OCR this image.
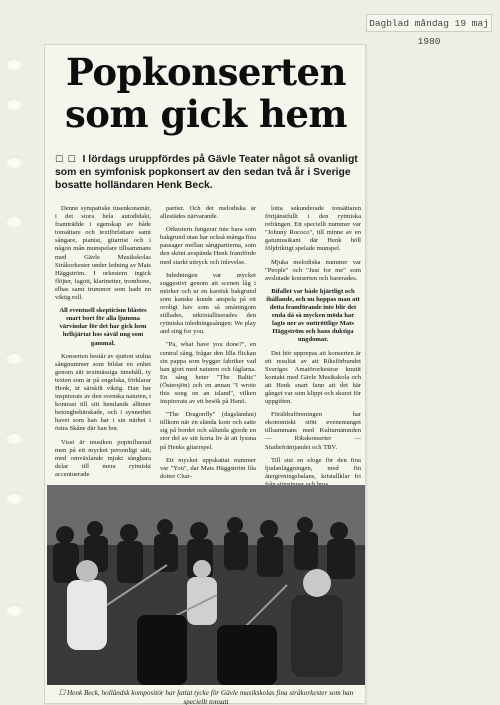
Dagblad måndag 19 maj 1980
Popkonserten
som gick hem
☐ ☐ I lördags uruppfördes på Gävle Teater något så ovanligt som en symfonisk popkonsert av den sedan två år i Sverige bosatte holländaren Henk Beck.

Denne sympatiske tusenkonstnär, i det stora hela autodidakt, framträdde i egenskap av både tonsättare och textförfattare samt sångare, pianist, gitarrist och i någon mån munspelare tillsammans med Gävle Musikskolas Stråkorkester under ledning av Mats Häggström. I orkestern ingick flöjter, fagott, klarinetter, trombone, elbas samt trummor som hade en viktig roll.

All eventuell skepticism blåstes snart bort för alla ljumma värvindar för det har gick hem helhjärtat hos såväl ung som gammal.

Konserten består av sjutton stulna sångnummer som bildar en enhet genom sitt textmässiga innehåll, ty texten som är på engelska, förklarar Henk, är särskilt viktig. Han har inspirerats av den svenska naturen, i kontrast till sitt hemlands alltmer betongbehärskade, och i synnerhet havet som han har i sin närhet i östra Skåne där han bor.

Visst är musiken popinfluerad men på ett mycket personligt sätt, med omväxlande mjukt sångbara delar till mera rytmiskt accentuerade

partier. Och det melodiska är allestädes närvarande.

Orkestern fungerar inte bara som bakgrund utan har också många fina passager mellan sångpartierna, som den skönt avspända Henk framförde med starkt uttryck och inlevelse.

Inledningen var mycket suggestivt genom att scenen låg i mörker och ur en kaotisk bakgrund som kanske kunde anspela på ett oroligt hav som så småningom stillades, utkristalliserades den rytmiska inledningssången: We play and sing for you.

"Pa, what have you done?", en central sång, frågar den lilla flickan sin pappa som bygger fabriker vad han gjort med naturen och fåglarna. En sång heter "The Baltic" (Östersjön) och en annan "I wrote this song on an island", vilken inspirerats av ett besök på Hanö.

"The Dragonfly" (dagsländan) tillkom när en slända kom och satte sig på bordet och sålunda gjorde en stor del av sitt korta liv åt att lyssna på Henks gitarrspel.

Ett mycket uppskattat nummer var "You", dar Mats Häggström lila dotter Char-

lotta sekunderade tonsättaren förtjänstfullt i den rytmiska refrängen. Ett speciellt nummer var "Johnny Rococo", till minne av en gatumusikant där Henk höll följdriktigt spelade munspel.

Mjuka melodiska nummer var "People" och "Just for me" som avslutade konserten och baserades.

Bifallet var både hjärtligt och ihållande, och nu hoppas man att detta framförande inte blir det enda då så mycken möda har lagts ner av outtröttlige Mats Häggström och hans duktiga ungdomar.

Det hör upprepas att konserten är ett resultat av att Riksförbundet Sveriges Amatörorkestrar knutit kontakt med Gävle Musikskola och att Henk snart fann att det här gånget var som klippt och skuret för uppgiften.

Föräldraföreningen har ekonomiskt stött evenemanget tillsammans med Kulturnämnden — Rikskonserter — Studiefrämjandet och TBV.

Till sist en eloge för den fina ljudanläggningen, med fin återgivningsbalans, kristallklar fri

☐ Henk Beck, holländsk kompositör har fattat tycke för Gävle musikskolas fina stråkorkester som han speciellt tonsatt
